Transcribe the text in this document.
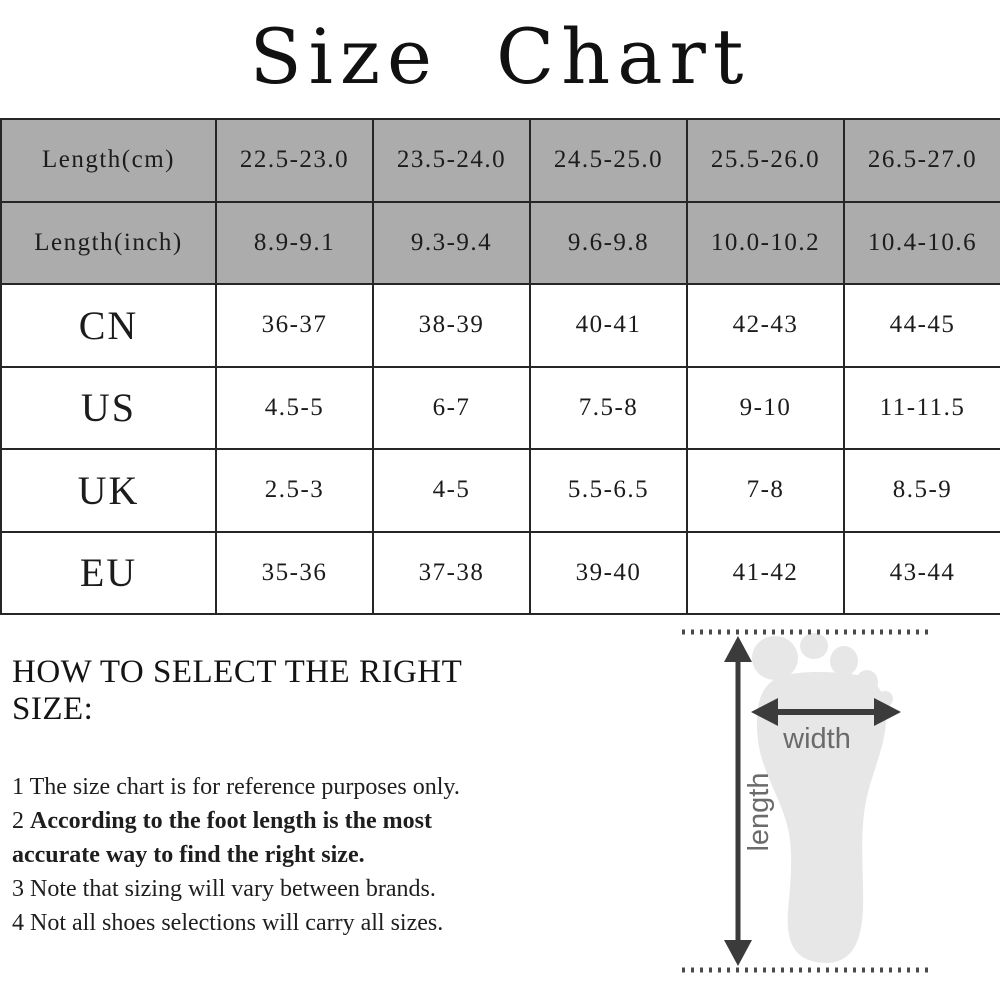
Size Chart
Length(cm)	22.5-23.0	23.5-24.0	24.5-25.0	25.5-26.0	26.5-27.0
Length(inch)	8.9-9.1	9.3-9.4	9.6-9.8	10.0-10.2	10.4-10.6
CN	36-37	38-39	40-41	42-43	44-45
US	4.5-5	6-7	7.5-8	9-10	11-11.5
UK	2.5-3	4-5	5.5-6.5	7-8	8.5-9
EU	35-36	37-38	39-40	41-42	43-44
HOW TO SELECT THE RIGHT SIZE:
1 The size chart is for reference purposes only.
2 According to the foot length is the most accurate way to find the right size.
3 Note that sizing will vary between brands.
4 Not all shoes selections will carry all sizes.
width
length
